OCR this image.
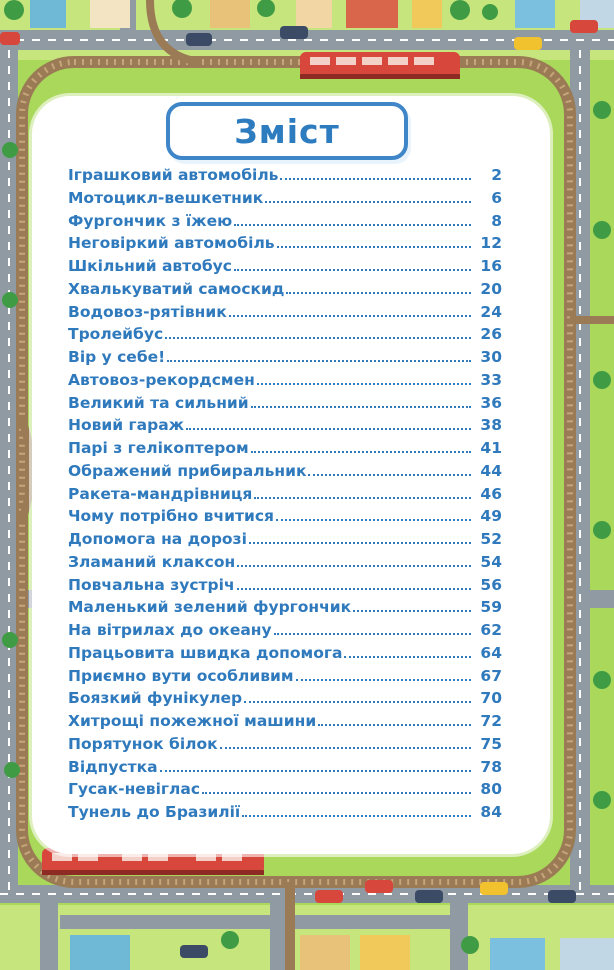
Зміст
Іграшковий автомобіль	2
Мотоцикл-вешкетник	6
Фургончик з їжею	8
Неговіркий автомобіль	12
Шкільний автобус	16
Хвалькуватий самоскид	20
Водовоз-рятівник	24
Тролейбус	26
Вір у себе!	30
Автовоз-рекордсмен	33
Великий та сильний	36
Новий гараж	38
Парі з гелікоптером	41
Ображений прибиральник	44
Ракета-мандрівниця	46
Чому потрібно вчитися	49
Допомога на дорозі	52
Зламаний клаксон	54
Повчальна зустріч	56
Маленький зелений фургончик	59
На вітрилах до океану	62
Працьовита швидка допомога	64
Приємно вути особливим	67
Боязкий фунікулер	70
Хитрощі пожежної машини	72
Порятунок білок	75
Відпустка	78
Гусак-невіглас	80
Тунель до Бразилії	84
